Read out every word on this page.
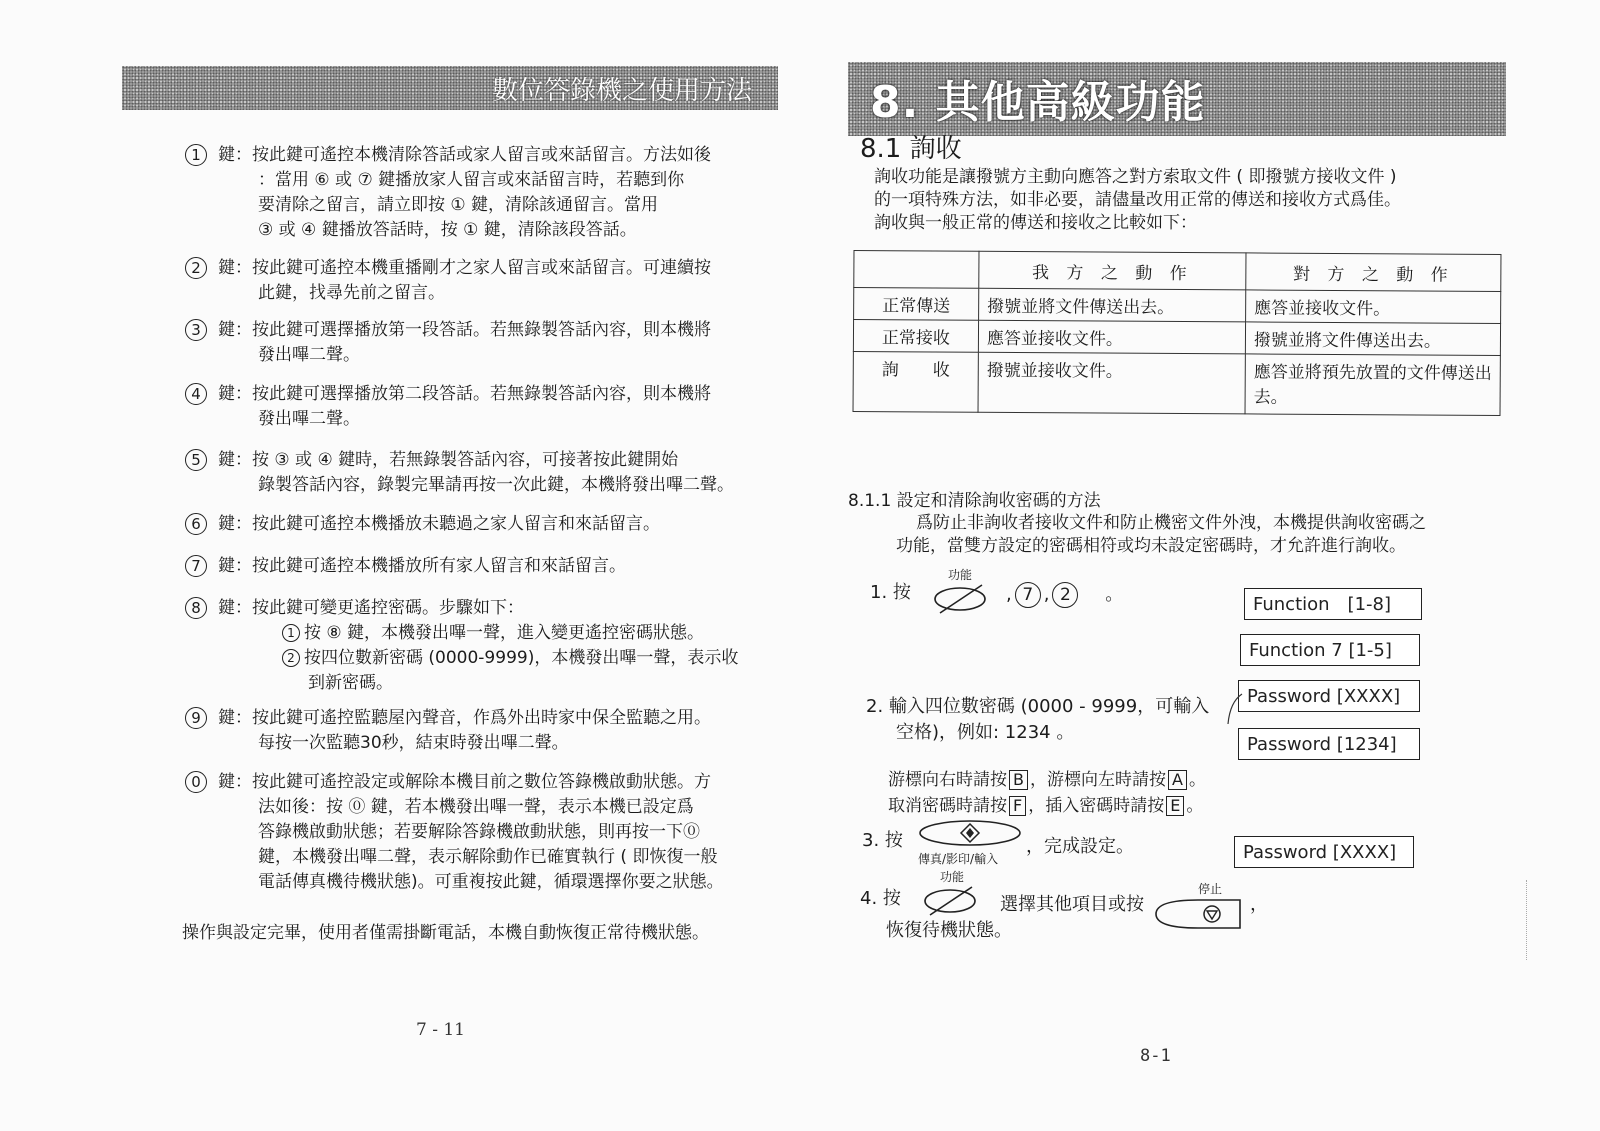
數位答錄機之使用方法
1 鍵：按此鍵可遙控本機清除答話或家人留言或來話留言。方法如後
：當用 ⑥ 或 ⑦ 鍵播放家人留言或來話留言時，若聽到你
要清除之留言，請立即按 ① 鍵，清除該通留言。當用
③ 或 ④ 鍵播放答話時，按 ① 鍵，清除該段答話。
2 鍵：按此鍵可遙控本機重播剛才之家人留言或來話留言。可連續按
此鍵，找尋先前之留言。
3 鍵：按此鍵可選擇播放第一段答話。若無錄製答話內容，則本機將
發出嗶二聲。
4 鍵：按此鍵可選擇播放第二段答話。若無錄製答話內容，則本機將
發出嗶二聲。
5 鍵：按 ③ 或 ④ 鍵時，若無錄製答話內容，可接著按此鍵開始
錄製答話內容，錄製完畢請再按一次此鍵，本機將發出嗶二聲。
6 鍵：按此鍵可遙控本機播放未聽過之家人留言和來話留言。
7 鍵：按此鍵可遙控本機播放所有家人留言和來話留言。
8 鍵：按此鍵可變更遙控密碼。步驟如下：
1 按 ⑧ 鍵，本機發出嗶一聲，進入變更遙控密碼狀態。
2 按四位數新密碼 (0000-9999)，本機發出嗶一聲，表示收
到新密碼。
9 鍵：按此鍵可遙控監聽屋內聲音，作爲外出時家中保全監聽之用。
每按一次監聽30秒，結束時發出嗶二聲。
0 鍵：按此鍵可遙控設定或解除本機目前之數位答錄機啟動狀態。方
法如後：按 ⓪ 鍵，若本機發出嗶一聲，表示本機已設定爲
答錄機啟動狀態；若要解除答錄機啟動狀態，則再按一下⓪
鍵，本機發出嗶二聲，表示解除動作已確實執行 ( 即恢復一般
電話傳真機待機狀態)。可重複按此鍵，循環選擇你要之狀態。
操作與設定完畢，使用者僅需掛斷電話，本機自動恢復正常待機狀態。
7 - 11
8. 其他高級功能
8.1 詢收
詢收功能是讓撥號方主動向應答之對方索取文件 ( 即撥號方接收文件 )
的一項特殊方法，如非必要，請儘量改用正常的傳送和接收方式爲佳。
詢收與一般正常的傳送和接收之比較如下：
	我 方 之 動 作	對 方 之 動 作
正常傳送	撥號並將文件傳送出去。	應答並接收文件。
正常接收	應答並接收文件。	撥號並將文件傳送出去。
詢　　收	撥號並接收文件。	應答並將預先放置的文件傳送出去。
8.1.1 設定和清除詢收密碼的方法
爲防止非詢收者接收文件和防止機密文件外洩，本機提供詢收密碼之
功能，當雙方設定的密碼相符或均未設定密碼時，才允許進行詢收。
1. 按
功能
, 7 , 2 。
2. 輸入四位數密碼 (0000 - 9999，可輸入
空格)，例如: 1234 。
游標向右時請按 B ，游標向左時請按 A 。
取消密碼時請按 F ，插入密碼時請按 E 。
3. 按
傳真/影印/輸入
，完成設定。
功能
4. 按	選擇其他項目或按
停止
，
恢復待機狀態。
Function　[1-8]
Function 7 [1-5]
Password [XXXX]
Password [1234]
Password [XXXX]
8-1
